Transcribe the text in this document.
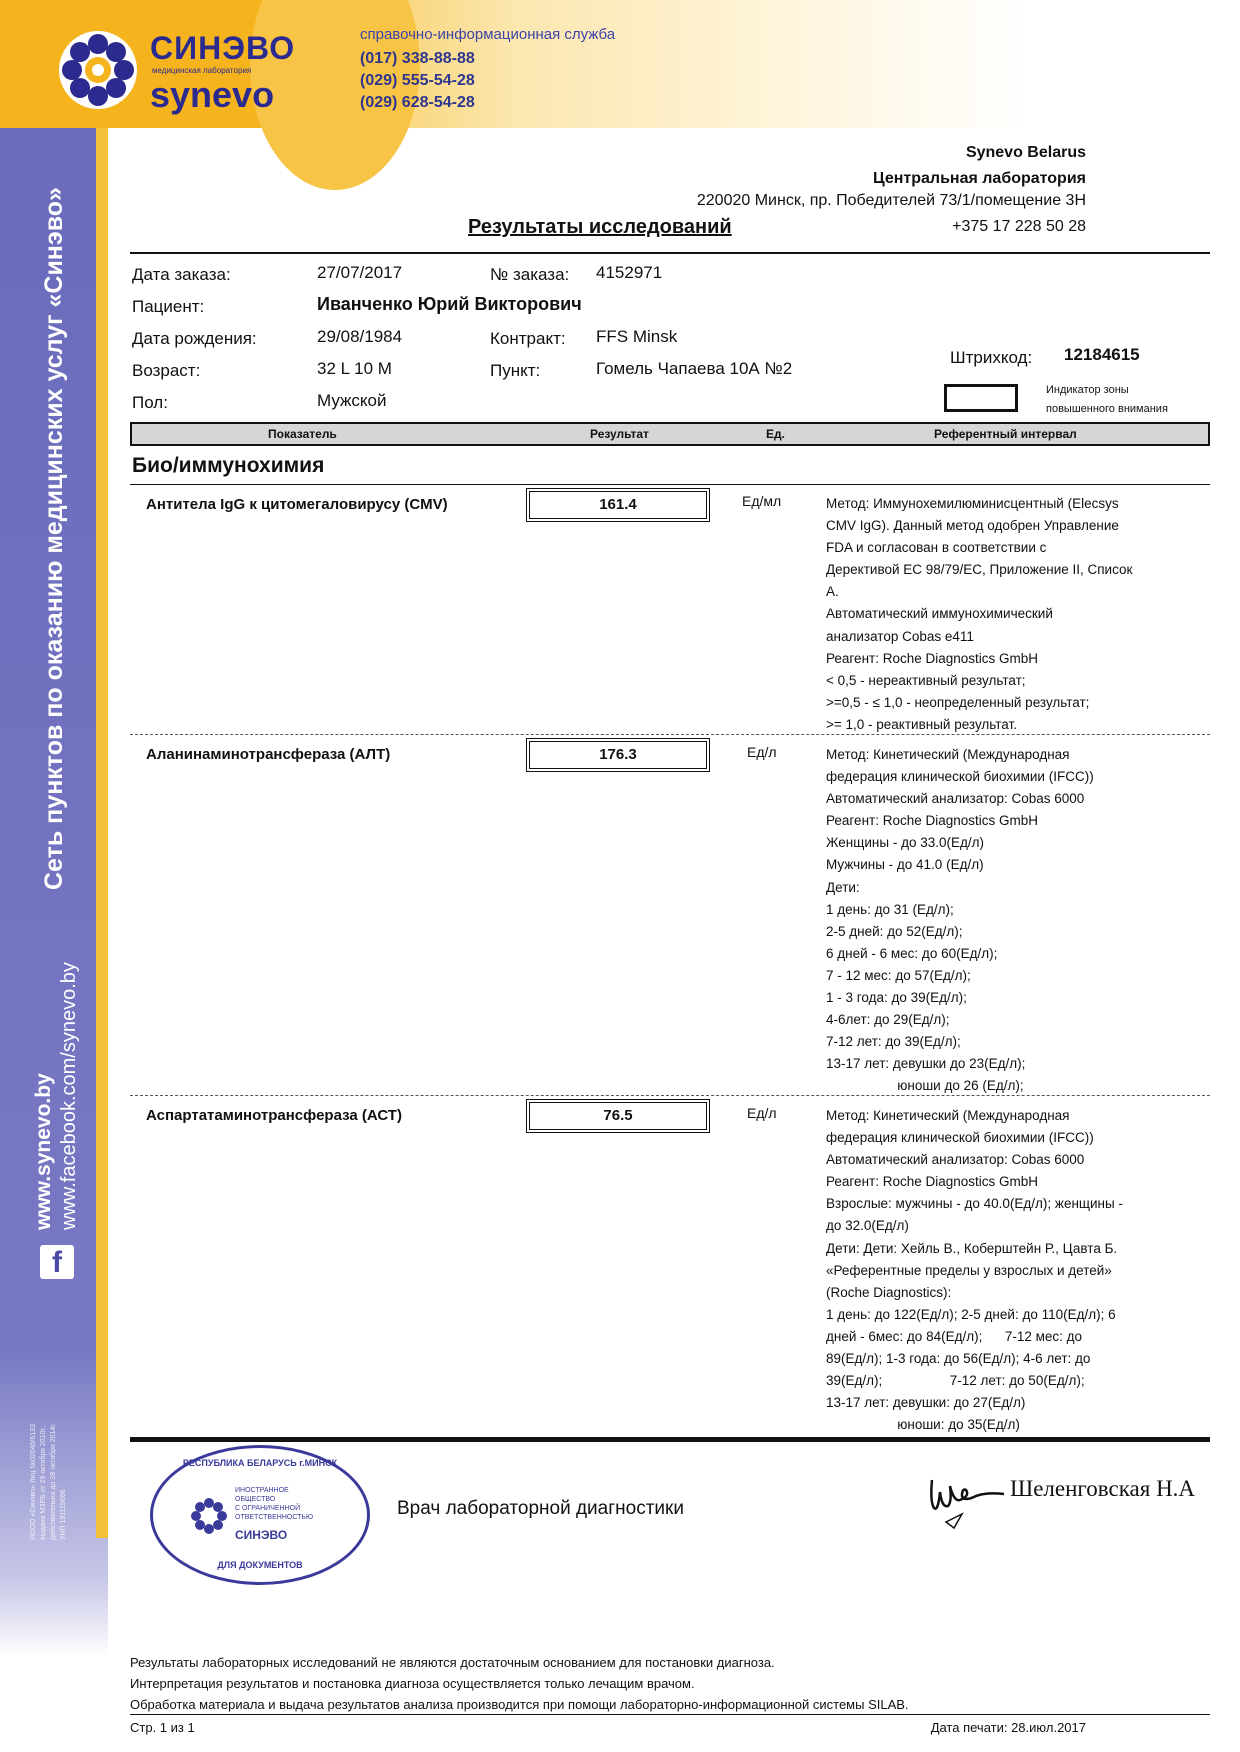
СИНЭВО
медицинская лаборатория
synevo
справочно-информационная служба
(017) 338-88-88
(029) 555-54-28
(029) 628-54-28
Сеть пунктов по оказанию медицинских услуг «Синэво»
www.synevo.by www.facebook.com/synevo.by
f
ИООО «Синэво» Лиц №02040/6133 выдана МЗРБ от 29 октября 2010г., действительна до 28 октября 2014г. УНП 191119686
Synevo Belarus
Центральная лаборатория
220020 Минск, пр. Победителей 73/1/помещение 3Н
+375 17 228 50 28
Результаты исследований
Дата заказа:	27/07/2017	№ заказа: 4152971
Пациент:	Иванченко Юрий Викторович
Дата рождения:	29/08/1984	Контракт: FFS Minsk
Возраст:	32 L 10 M	Пункт:	Гомель Чапаева 10А №2
Пол:	Мужской
Штрихкод: 12184615
Индикатор зоны
повышенного внимания
Показатель	Результат	Ед.	Референтный интервал
Био/иммунохимия
Антитела IgG к цитомегаловирусу (CMV)	161.4	Ед/мл	Метод: Иммунохемилюминисцентный (Elecsys
CMV IgG). Данный метод одобрен Управление
FDA и согласован в соответствии с
Дерективой ЕС 98/79/ЕС, Приложение II, Список
А.
Автоматический иммунохимический
анализатор Cobas e411
Реагент: Roche Diagnostics GmbH
< 0,5 - нереактивный результат;
>=0,5 - ≤ 1,0 - неопределенный результат;
>= 1,0 - реактивный результат.
Аланинаминотрансфераза (АЛТ)	176.3	Ед/л	Метод: Кинетический (Международная
федерация клинической биохимии (IFCC))
Автоматический анализатор: Cobas 6000
Реагент: Roche Diagnostics GmbH
Женщины - до 33.0(Ед/л)
Мужчины - до 41.0 (Ед/л)
Дети:
1 день: до 31 (Ед/л);
2-5 дней: до 52(Ед/л);
6 дней - 6 мес: до 60(Ед/л);
7 - 12 мес: до 57(Ед/л);
1 - 3 года: до 39(Ед/л);
4-6лет: до 29(Ед/л);
7-12 лет: до 39(Ед/л);
13-17 лет: девушки до 23(Ед/л);
юноши до 26 (Ед/л);
Аспартатаминотрансфераза (АСТ)	76.5	Ед/л	Метод: Кинетический (Международная
федерация клинической биохимии (IFCC))
Автоматический анализатор: Cobas 6000
Реагент: Roche Diagnostics GmbH
Взрослые: мужчины - до 40.0(Ед/л); женщины -
до 32.0(Ед/л)
Дети: Дети: Хейль В., Коберштейн Р., Цавта Б.
«Референтные пределы у взрослых и детей»
(Roche Diagnostics):
1 день: до 122(Ед/л); 2-5 дней: до 110(Ед/л); 6
дней - 6мес: до 84(Ед/л);      7-12 мес: до
89(Ед/л); 1-3 года: до 56(Ед/л); 4-6 лет: до
39(Ед/л);                  7-12 лет: до 50(Ед/л);
13-17 лет: девушки: до 27(Ед/л)
юноши: до 35(Ед/л)
РЕСПУБЛИКА БЕЛАРУСЬ г.МИНСК
ИНОСТРАННОЕ
ОБЩЕСТВО
С ОГРАНИЧЕННОЙ
ОТВЕТСТВЕННОСТЬЮ
СИНЭВО
ДЛЯ ДОКУМЕНТОВ
Врач лабораторной диагностики
Шеленговская Н.А
Результаты лабораторных исследований не являются достаточным основанием для постановки диагноза.
Интерпретация результатов и постановка диагноза осуществляется только лечащим врачом.
Обработка материала и выдача результатов анализа производится при помощи лабораторно-информационной системы SILAB.
Стр. 1 из 1	Дата печати: 28.июл.2017
